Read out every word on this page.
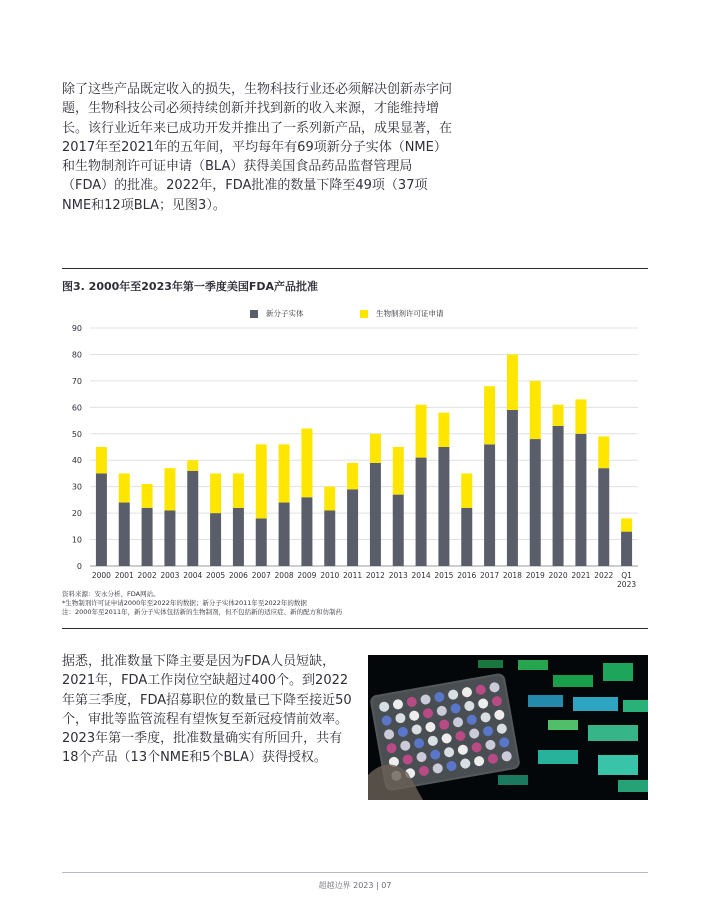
除了这些产品既定收入的损失，生物科技行业还必须解决创新赤字问题，生物科技公司必须持续创新并找到新的收入来源，才能维持增长。该行业近年来已成功开发并推出了一系列新产品，成果显著，在2017年至2021年的五年间，平均每年有69项新分子实体（NME）和生物制剂许可证申请（BLA）获得美国食品药品监督管理局（FDA）的批准。2022年，FDA批准的数量下降至49项（37项NME和12项BLA；见图3）。

图3. 2000年至2023年第一季度美国FDA产品批准
新分子实体	生物制剂许可证申请
0
10
20
30
40
50
60
70
80
90
2000 2001 2002 2003 2004 2005 2006 2007 2008 2009 2010 2011 2012 2013 2014 2015 2016 2017 2018 2019 2020 2021 2022 Q1
2023
资料来源：安永分析、FDA网站。
*生物制剂许可证申请2000年至2022年的数据；新分子实体2011年至2022年的数据
注：2000年至2011年，新分子实体包括新的生物制剂，但不包括新的适应症、新的配方和仿制药

据悉，批准数量下降主要是因为FDA人员短缺，2021年，FDA工作岗位空缺超过400个。到2022年第三季度，FDA招募职位的数量已下降至接近50个，审批等监管流程有望恢复至新冠疫情前效率。2023年第一季度，批准数量确实有所回升，共有18个产品（13个NME和5个BLA）获得授权。

超越边界 2023 | 07
